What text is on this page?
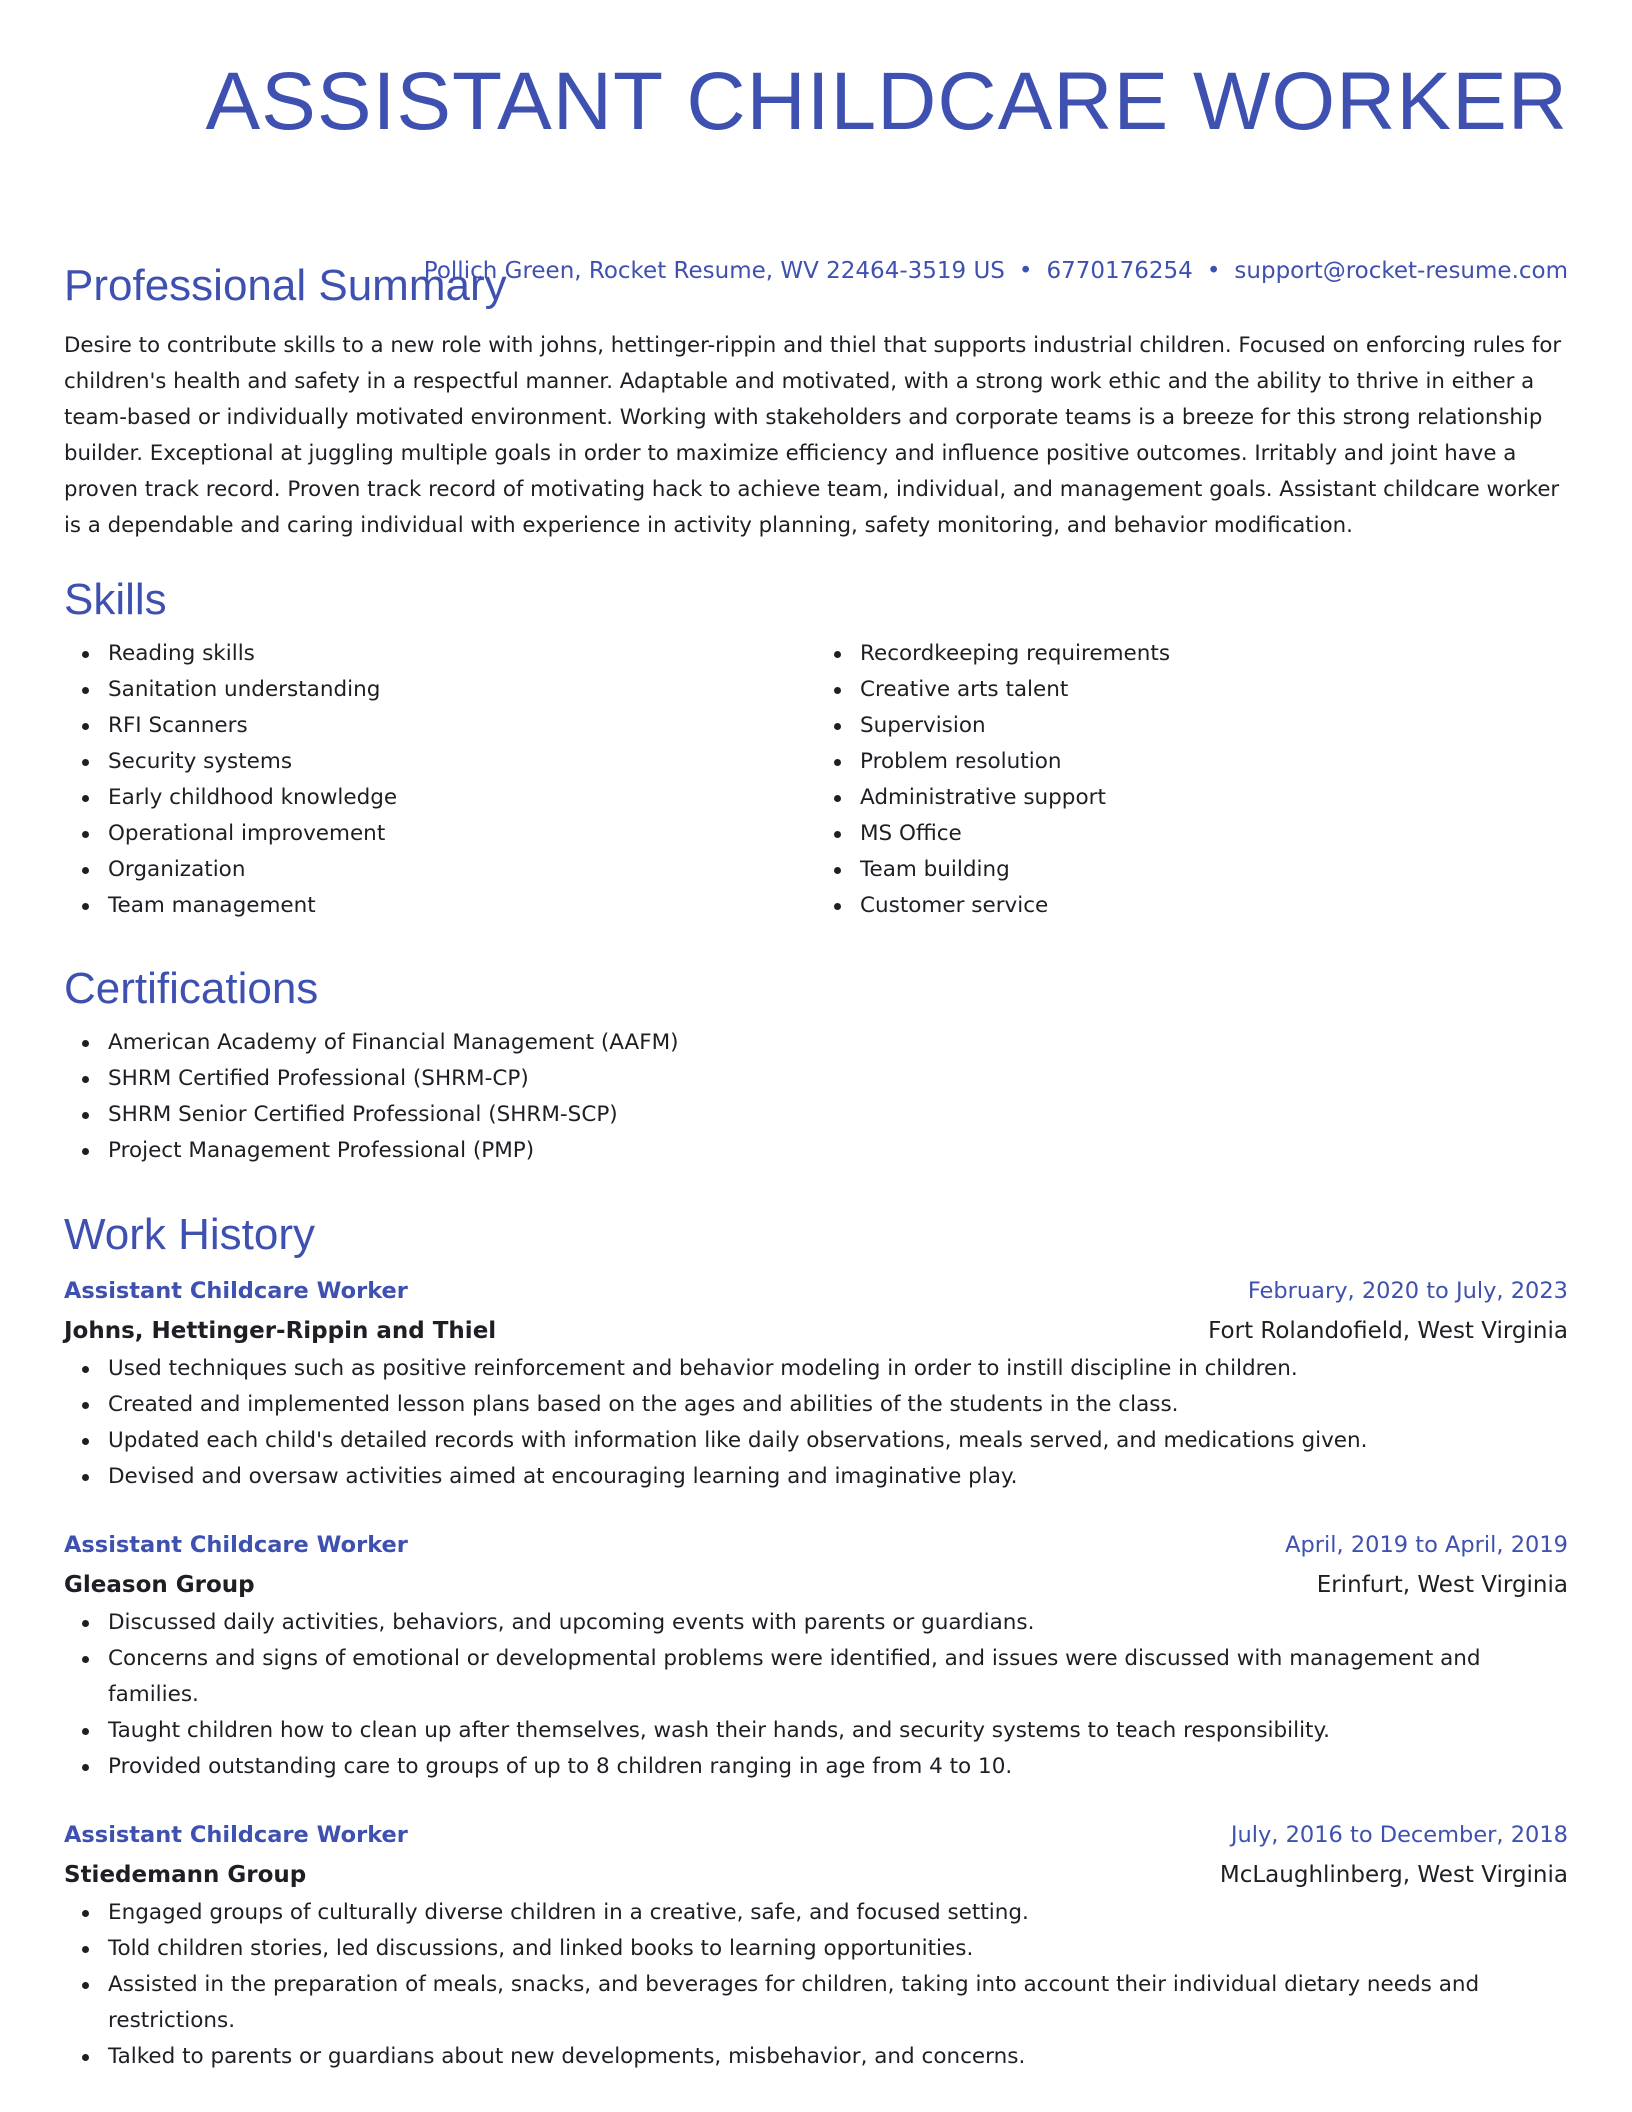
ASSISTANT CHILDCARE WORKER
Pollich Green, Rocket Resume, WV 22464-3519 US • 6770176254 • support@rocket-resume.com
Professional Summary

Desire to contribute skills to a new role with johns, hettinger-rippin and thiel that supports industrial children. Focused on enforcing rules for children's health and safety in a respectful manner. Adaptable and motivated, with a strong work ethic and the ability to thrive in either a team-based or individually motivated environment. Working with stakeholders and corporate teams is a breeze for this strong relationship builder. Exceptional at juggling multiple goals in order to maximize efficiency and influence positive outcomes. Irritably and joint have a proven track record. Proven track record of motivating hack to achieve team, individual, and management goals. Assistant childcare worker is a dependable and caring individual with experience in activity planning, safety monitoring, and behavior modification.

Skills
Reading skills
Sanitation understanding
RFI Scanners
Security systems
Early childhood knowledge
Operational improvement
Organization
Team management
Recordkeeping requirements
Creative arts talent
Supervision
Problem resolution
Administrative support
MS Office
Team building
Customer service
Certifications
American Academy of Financial Management (AAFM)
SHRM Certified Professional (SHRM-CP)
SHRM Senior Certified Professional (SHRM-SCP)
Project Management Professional (PMP)
Work History
Assistant Childcare Worker	February, 2020 to July, 2023
Johns, Hettinger-Rippin and Thiel	Fort Rolandofield, West Virginia
Used techniques such as positive reinforcement and behavior modeling in order to instill discipline in children.
Created and implemented lesson plans based on the ages and abilities of the students in the class.
Updated each child's detailed records with information like daily observations, meals served, and medications given.
Devised and oversaw activities aimed at encouraging learning and imaginative play.
Assistant Childcare Worker	April, 2019 to April, 2019
Gleason Group	Erinfurt, West Virginia
Discussed daily activities, behaviors, and upcoming events with parents or guardians.
Concerns and signs of emotional or developmental problems were identified, and issues were discussed with management and families.
Taught children how to clean up after themselves, wash their hands, and security systems to teach responsibility.
Provided outstanding care to groups of up to 8 children ranging in age from 4 to 10.
Assistant Childcare Worker	July, 2016 to December, 2018
Stiedemann Group	McLaughlinberg, West Virginia
Engaged groups of culturally diverse children in a creative, safe, and focused setting.
Told children stories, led discussions, and linked books to learning opportunities.
Assisted in the preparation of meals, snacks, and beverages for children, taking into account their individual dietary needs and restrictions.
Talked to parents or guardians about new developments, misbehavior, and concerns.
